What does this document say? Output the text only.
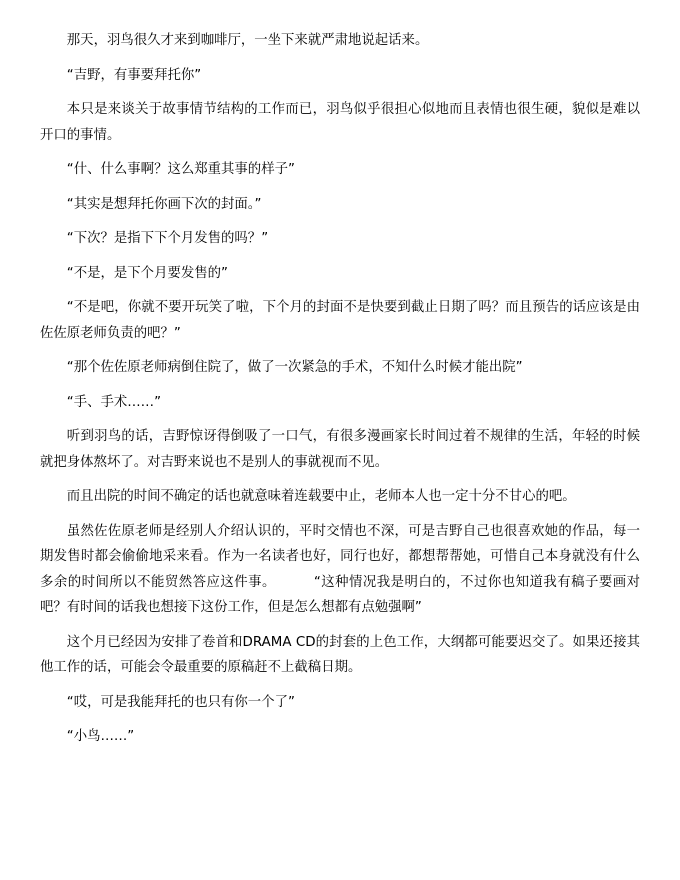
那天，羽鸟很久才来到咖啡厅，一坐下来就严肃地说起话来。

“吉野，有事要拜托你”

本只是来谈关于故事情节结构的工作而已，羽鸟似乎很担心似地而且表情也很生硬，貌似是难以开口的事情。

“什、什么事啊？这么郑重其事的样子”

“其实是想拜托你画下次的封面。”

“下次？是指下下个月发售的吗？”

“不是，是下个月要发售的”

“不是吧，你就不要开玩笑了啦，下个月的封面不是快要到截止日期了吗？而且预告的话应该是由佐佐原老师负责的吧？”

“那个佐佐原老师病倒住院了，做了一次紧急的手术，不知什么时候才能出院”

“手、手术……”

听到羽鸟的话，吉野惊讶得倒吸了一口气，有很多漫画家长时间过着不规律的生活，年轻的时候就把身体熬坏了。对吉野来说也不是别人的事就视而不见。

而且出院的时间不确定的话也就意味着连载要中止，老师本人也一定十分不甘心的吧。

虽然佐佐原老师是经别人介绍认识的，平时交情也不深，可是吉野自己也很喜欢她的作品，每一期发售时都会偷偷地采来看。作为一名读者也好，同行也好，都想帮帮她，可惜自己本身就没有什么多余的时间所以不能贸然答应这件事。        “这种情况我是明白的，不过你也知道我有稿子要画对吧？有时间的话我也想接下这份工作，但是怎么想都有点勉强啊”

这个月已经因为安排了卷首和DRAMA CD的封套的上色工作，大纲都可能要迟交了。如果还接其他工作的话，可能会令最重要的原稿赶不上截稿日期。

“哎，可是我能拜托的也只有你一个了”

“小鸟……”
